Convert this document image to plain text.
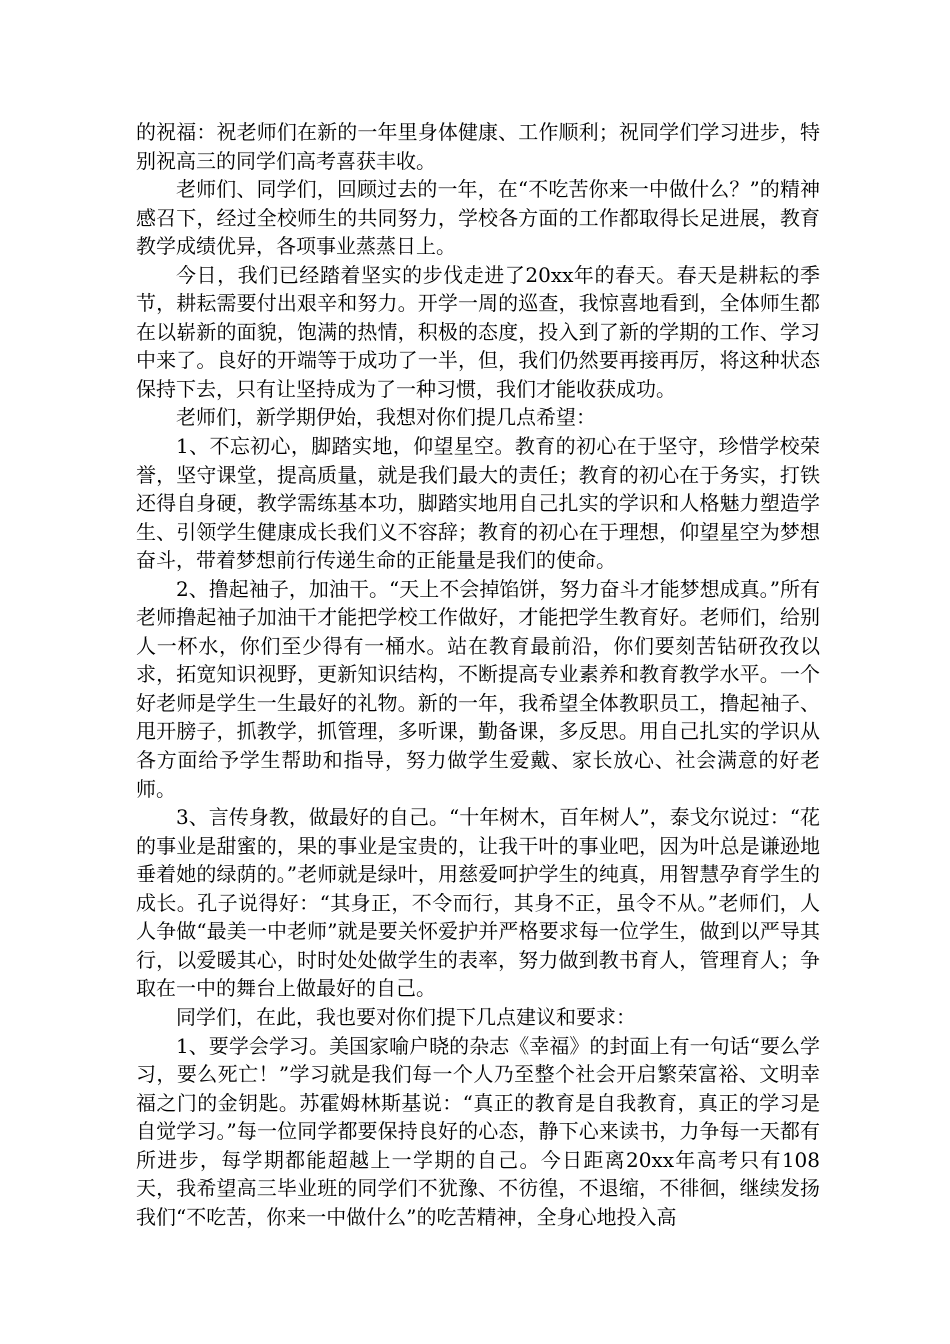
的祝福：祝老师们在新的一年里身体健康、工作顺利；祝同学们学习进步，特别祝高三的同学们高考喜获丰收。

老师们、同学们，回顾过去的一年，在“不吃苦你来一中做什么？”的精神感召下，经过全校师生的共同努力，学校各方面的工作都取得长足进展，教育教学成绩优异，各项事业蒸蒸日上。

今日，我们已经踏着坚实的步伐走进了20xx年的春天。春天是耕耘的季节，耕耘需要付出艰辛和努力。开学一周的巡查，我惊喜地看到，全体师生都在以崭新的面貌，饱满的热情，积极的态度，投入到了新的学期的工作、学习中来了。良好的开端等于成功了一半，但，我们仍然要再接再厉，将这种状态保持下去，只有让坚持成为了一种习惯，我们才能收获成功。

老师们，新学期伊始，我想对你们提几点希望：

1、不忘初心，脚踏实地，仰望星空。教育的初心在于坚守，珍惜学校荣誉，坚守课堂，提高质量，就是我们最大的责任；教育的初心在于务实，打铁还得自身硬，教学需练基本功，脚踏实地用自己扎实的学识和人格魅力塑造学生、引领学生健康成长我们义不容辞；教育的初心在于理想，仰望星空为梦想奋斗，带着梦想前行传递生命的正能量是我们的使命。

2、撸起袖子，加油干。“天上不会掉馅饼，努力奋斗才能梦想成真。”所有老师撸起袖子加油干才能把学校工作做好，才能把学生教育好。老师们，给别人一杯水，你们至少得有一桶水。站在教育最前沿，你们要刻苦钻研孜孜以求，拓宽知识视野，更新知识结构，不断提高专业素养和教育教学水平。一个好老师是学生一生最好的礼物。新的一年，我希望全体教职员工，撸起袖子、甩开膀子，抓教学，抓管理，多听课，勤备课，多反思。用自己扎实的学识从各方面给予学生帮助和指导，努力做学生爱戴、家长放心、社会满意的好老师。

3、言传身教，做最好的自己。“十年树木，百年树人”，泰戈尔说过：“花的事业是甜蜜的，果的事业是宝贵的，让我干叶的事业吧，因为叶总是谦逊地垂着她的绿荫的。”老师就是绿叶，用慈爱呵护学生的纯真，用智慧孕育学生的成长。孔子说得好：“其身正，不令而行，其身不正，虽令不从。”老师们，人人争做“最美一中老师”就是要关怀爱护并严格要求每一位学生，做到以严导其行，以爱暖其心，时时处处做学生的表率，努力做到教书育人，管理育人；争取在一中的舞台上做最好的自己。

同学们，在此，我也要对你们提下几点建议和要求：

1、要学会学习。美国家喻户晓的杂志《幸福》的封面上有一句话“要么学习，要么死亡！”学习就是我们每一个人乃至整个社会开启繁荣富裕、文明幸福之门的金钥匙。苏霍姆林斯基说：“真正的教育是自我教育，真正的学习是自觉学习。”每一位同学都要保持良好的心态，静下心来读书，力争每一天都有所进步，每学期都能超越上一学期的自己。今日距离20xx年高考只有108天，我希望高三毕业班的同学们不犹豫、不彷徨，不退缩，不徘徊，继续发扬我们“不吃苦，你来一中做什么”的吃苦精神，全身心地投入高
